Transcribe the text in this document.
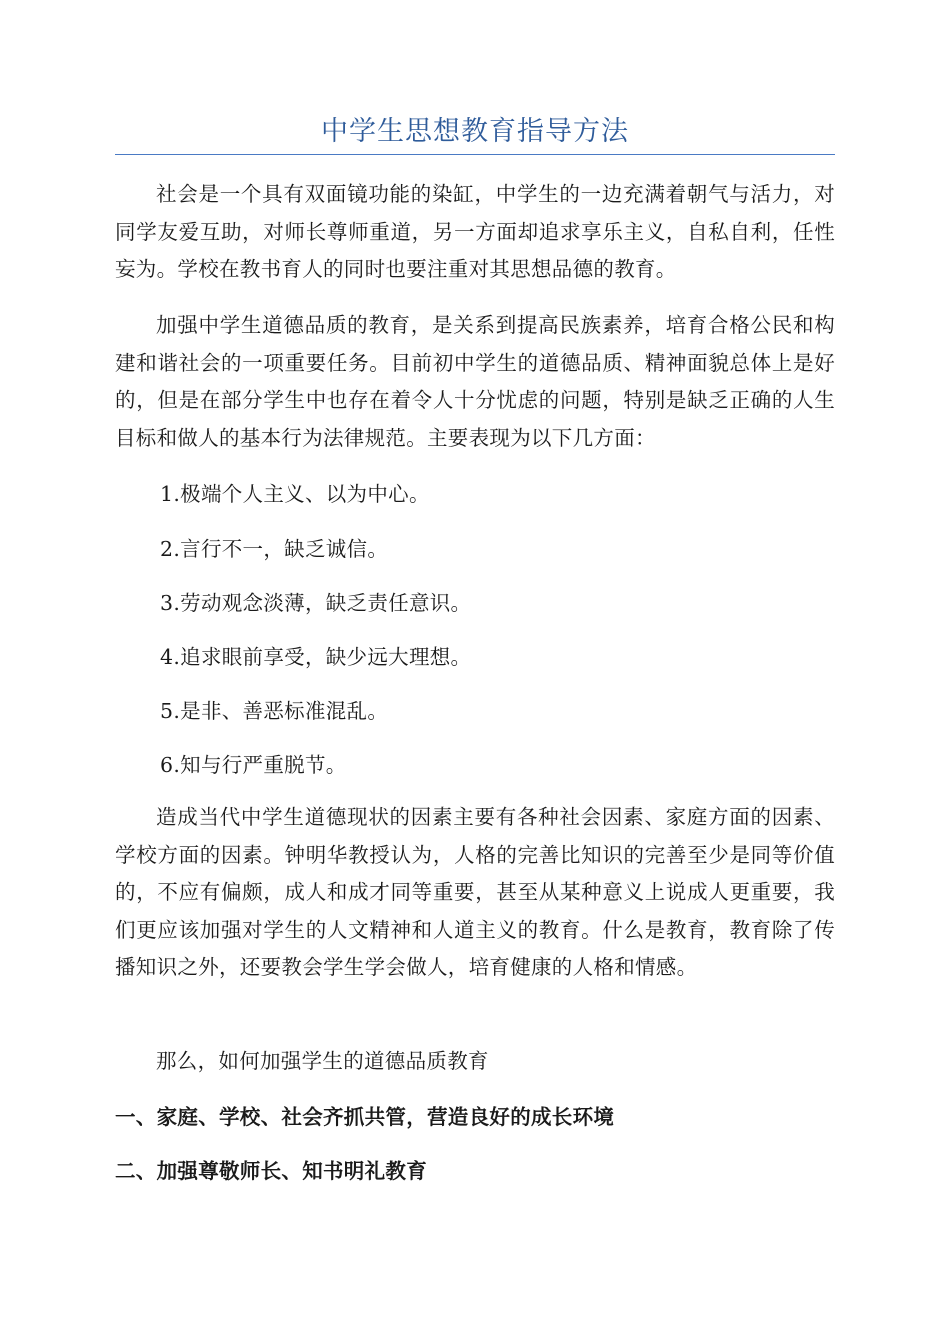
中学生思想教育指导方法

社会是一个具有双面镜功能的染缸，中学生的一边充满着朝气与活力，对同学友爱互助，对师长尊师重道，另一方面却追求享乐主义，自私自利，任性妄为。学校在教书育人的同时也要注重对其思想品德的教育。

加强中学生道德品质的教育，是关系到提高民族素养，培育合格公民和构建和谐社会的一项重要任务。目前初中学生的道德品质、精神面貌总体上是好的，但是在部分学生中也存在着令人十分忧虑的问题，特别是缺乏正确的人生目标和做人的基本行为法律规范。主要表现为以下几方面：

1.极端个人主义、以为中心。

2.言行不一，缺乏诚信。

3.劳动观念淡薄，缺乏责任意识。

4.追求眼前享受，缺少远大理想。

5.是非、善恶标准混乱。

6.知与行严重脱节。

造成当代中学生道德现状的因素主要有各种社会因素、家庭方面的因素、学校方面的因素。钟明华教授认为，人格的完善比知识的完善至少是同等价值的，不应有偏颇，成人和成才同等重要，甚至从某种意义上说成人更重要，我们更应该加强对学生的人文精神和人道主义的教育。什么是教育，教育除了传播知识之外，还要教会学生学会做人，培育健康的人格和情感。

那么，如何加强学生的道德品质教育

一、家庭、学校、社会齐抓共管，营造良好的成长环境

二、加强尊敬师长、知书明礼教育
